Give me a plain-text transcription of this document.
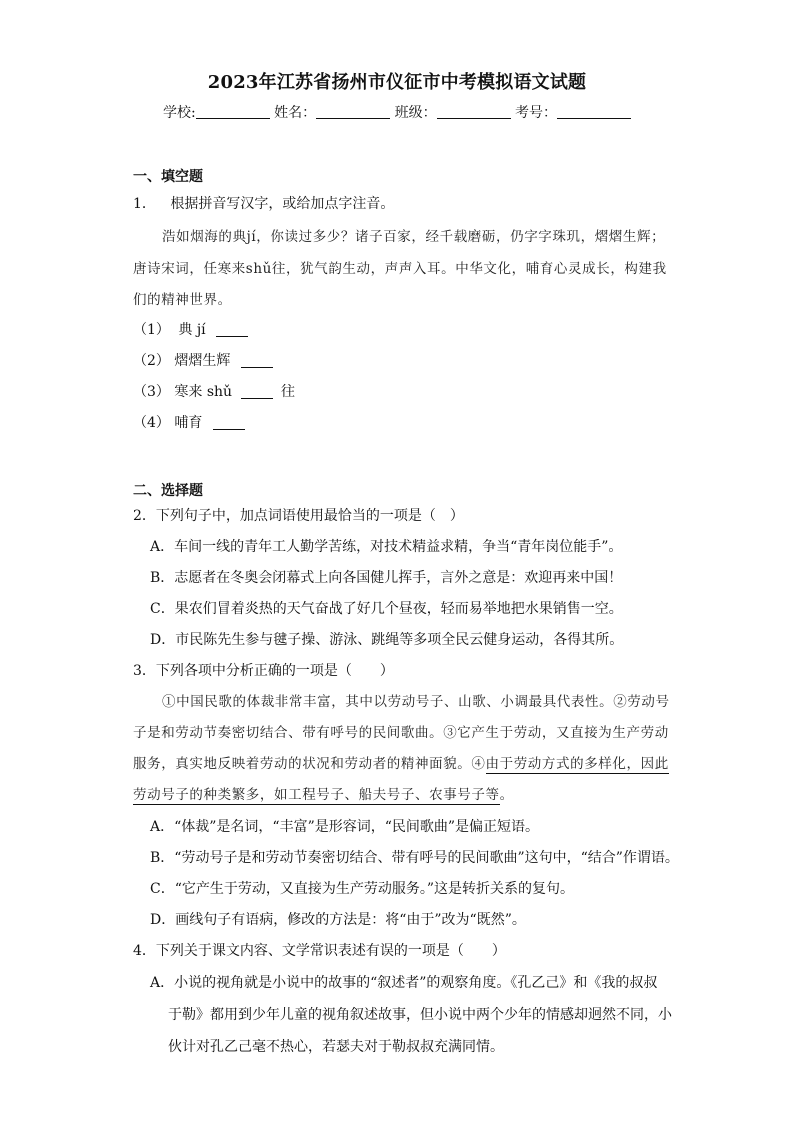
2023年江苏省扬州市仪征市中考模拟语文试题
学校:	姓名：	班级：	考号：
一、填空题
1． 根据拼音写汉字，或给加点字注音。
浩如烟海的典jí，你读过多少？诸子百家，经千载磨砺，仍字字珠玑，熠熠生辉；
唐诗宋词，任寒来shǔ往，犹气韵生动，声声入耳。中华文化，哺育心灵成长，构建我
们的精神世界。
（1） 典 jí
（2） 熠熠生辉
（3） 寒来 shǔ	往
（4） 哺育
二、选择题
2．下列句子中，加点词语使用最恰当的一项是（　）
A．车间一线的青年工人勤学苦练，对技术精益求精，争当“青年岗位能手”。
B．志愿者在冬奥会闭幕式上向各国健儿挥手，言外之意是：欢迎再来中国！
C．果农们冒着炎热的天气奋战了好几个昼夜，轻而易举地把水果销售一空。
D．市民陈先生参与毽子操、游泳、跳绳等多项全民云健身运动，各得其所。
3．下列各项中分析正确的一项是（　　）
①中国民歌的体裁非常丰富，其中以劳动号子、山歌、小调最具代表性。②劳动号
子是和劳动节奏密切结合、带有呼号的民间歌曲。③它产生于劳动，又直接为生产劳动
服务，真实地反映着劳动的状况和劳动者的精神面貌。④由于劳动方式的多样化，因此
劳动号子的种类繁多，如工程号子、船夫号子、农事号子等。
A．“体裁”是名词，“丰富”是形容词，“民间歌曲”是偏正短语。
B．“劳动号子是和劳动节奏密切结合、带有呼号的民间歌曲”这句中，“结合”作谓语。
C．“它产生于劳动，又直接为生产劳动服务。”这是转折关系的复句。
D．画线句子有语病，修改的方法是：将“由于”改为“既然”。
4．下列关于课文内容、文学常识表述有误的一项是（　　）
A．小说的视角就是小说中的故事的“叙述者”的观察角度。《孔乙己》和《我的叔叔
于勒》都用到少年儿童的视角叙述故事，但小说中两个少年的情感却迥然不同，小
伙计对孔乙己毫不热心，若瑟夫对于勒叔叔充满同情。
